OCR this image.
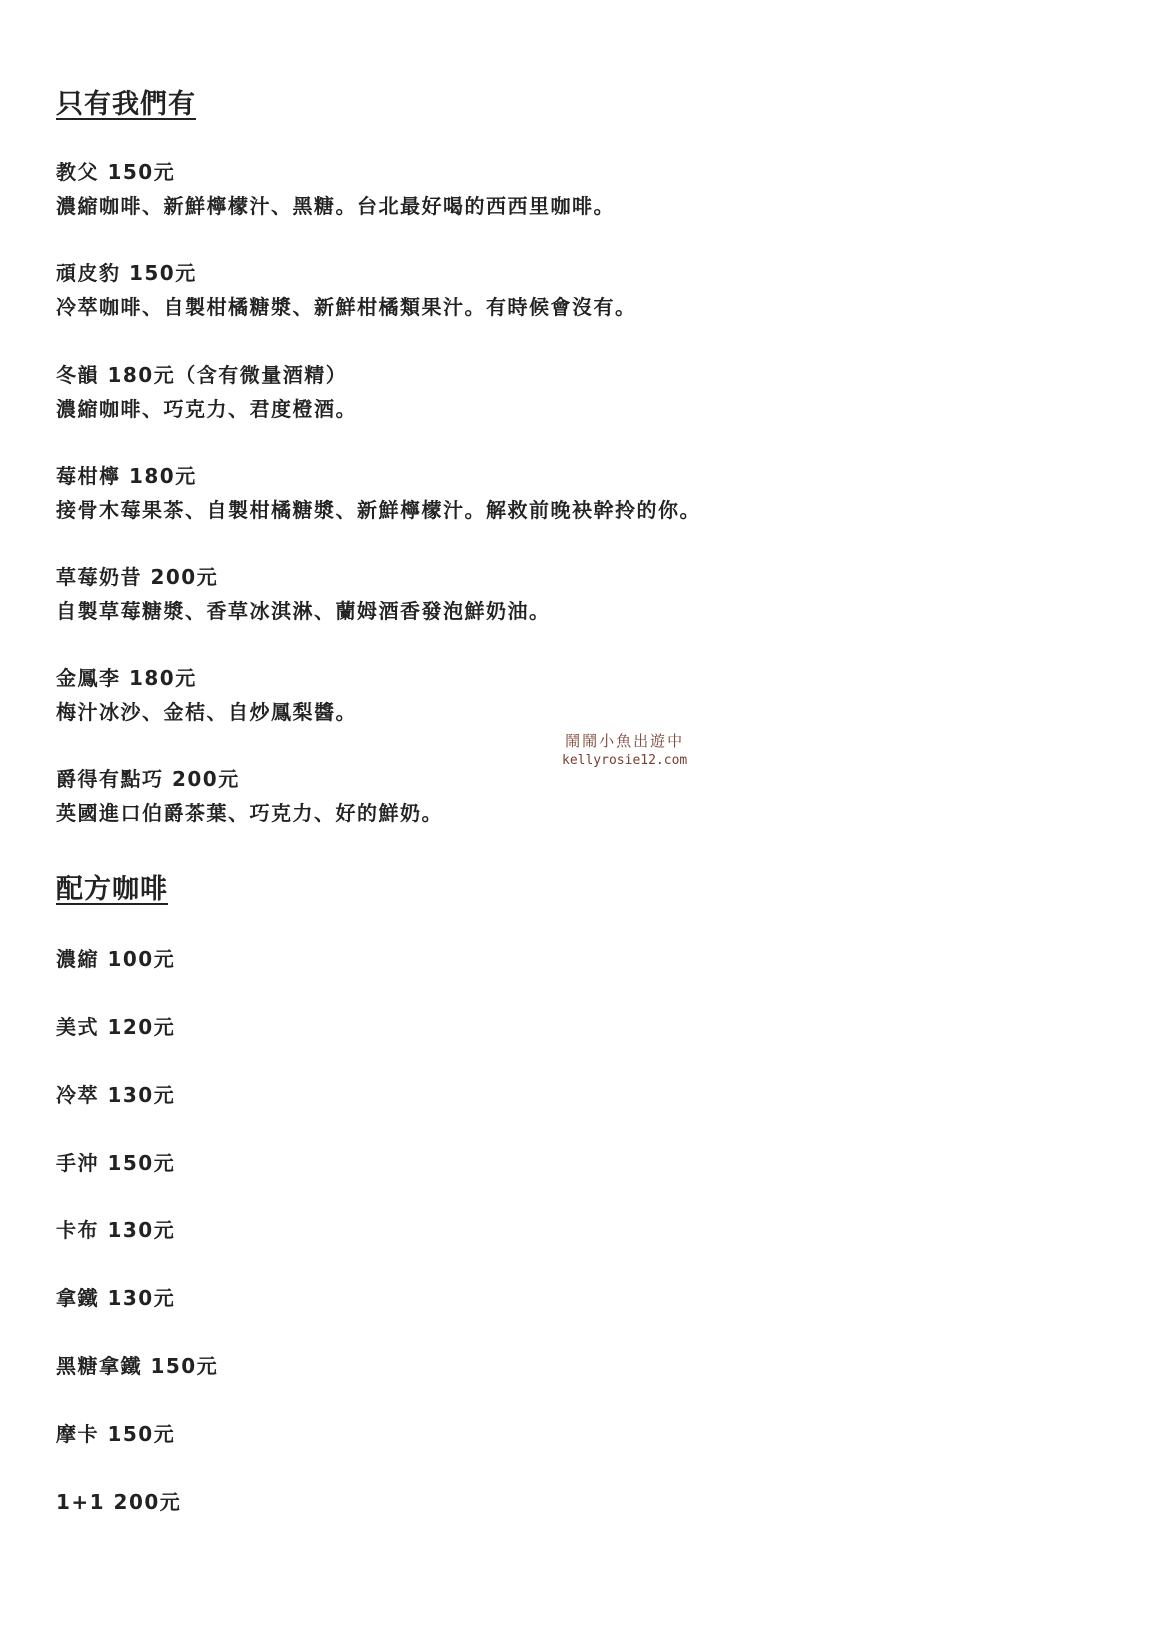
只有我們有
教父 150元
濃縮咖啡、新鮮檸檬汁、黑糖。台北最好喝的西西里咖啡。
頑皮豹 150元
冷萃咖啡、自製柑橘糖漿、新鮮柑橘類果汁。有時候會沒有。
冬韻 180元（含有微量酒精）
濃縮咖啡、巧克力、君度橙酒。
莓柑檸 180元
接骨木莓果茶、自製柑橘糖漿、新鮮檸檬汁。解救前晚袂幹拎的你。
草莓奶昔 200元
自製草莓糖漿、香草冰淇淋、蘭姆酒香發泡鮮奶油。
金鳳李 180元
梅汁冰沙、金桔、自炒鳳梨醬。
爵得有點巧 200元
英國進口伯爵茶葉、巧克力、好的鮮奶。
配方咖啡
濃縮 100元
美式 120元
冷萃 130元
手沖 150元
卡布 130元
拿鐵 130元
黑糖拿鐵 150元
摩卡 150元
1+1 200元
鬧鬧小魚出遊中
kellyrosie12.com
